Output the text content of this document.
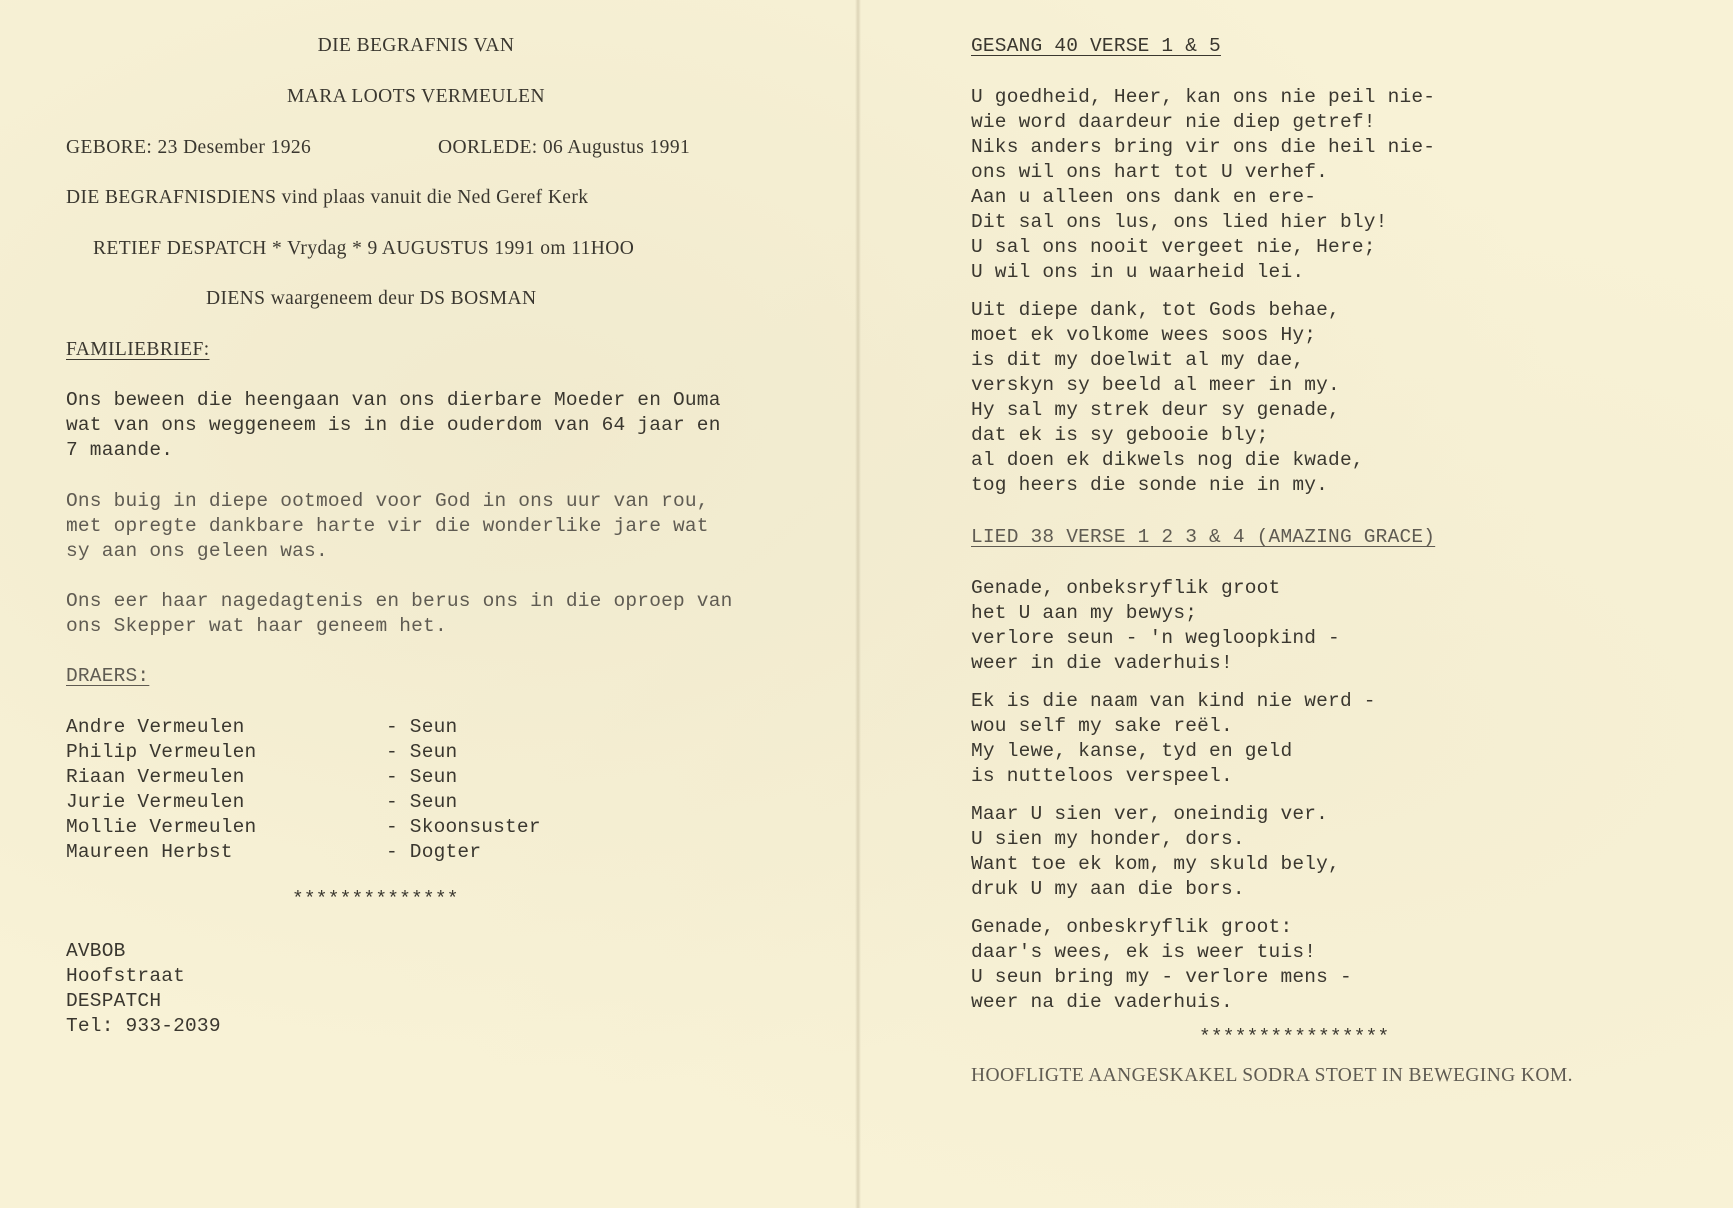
DIE BEGRAFNIS VAN
MARA LOOTS VERMEULEN
GEBORE: 23 Desember 1926	OORLEDE: 06 Augustus 1991
DIE BEGRAFNISDIENS vind plaas vanuit die Ned Geref Kerk
RETIEF DESPATCH * Vrydag * 9 AUGUSTUS 1991 om 11HOO
DIENS waargeneem deur DS BOSMAN
FAMILIEBRIEF:
Ons beween die heengaan van ons dierbare Moeder en Ouma
wat van ons weggeneem is in die ouderdom van 64 jaar en
7 maande.
Ons buig in diepe ootmoed voor God in ons uur van rou,
met opregte dankbare harte vir die wonderlike jare wat
sy aan ons geleen was.
Ons eer haar nagedagtenis en berus ons in die oproep van
ons Skepper wat haar geneem het.
DRAERS:
Andre Vermeulen	- Seun
Philip Vermeulen	- Seun
Riaan Vermeulen	- Seun
Jurie Vermeulen	- Seun
Mollie Vermeulen	- Skoonsuster
Maureen Herbst	- Dogter
**************
AVBOB
Hoofstraat
DESPATCH
Tel: 933-2039
GESANG 40 VERSE 1 & 5
U goedheid, Heer, kan ons nie peil nie-
wie word daardeur nie diep getref!
Niks anders bring vir ons die heil nie-
ons wil ons hart tot U verhef.
Aan u alleen ons dank en ere-
Dit sal ons lus, ons lied hier bly!
U sal ons nooit vergeet nie, Here;
U wil ons in u waarheid lei.
Uit diepe dank, tot Gods behae,
moet ek volkome wees soos Hy;
is dit my doelwit al my dae,
verskyn sy beeld al meer in my.
Hy sal my strek deur sy genade,
dat ek is sy gebooie bly;
al doen ek dikwels nog die kwade,
tog heers die sonde nie in my.
LIED 38 VERSE 1 2 3 & 4 (AMAZING GRACE)
Genade, onbeksryflik groot
het U aan my bewys;
verlore seun - 'n wegloopkind -
weer in die vaderhuis!
Ek is die naam van kind nie werd -
wou self my sake reël.
My lewe, kanse, tyd en geld
is nutteloos verspeel.
Maar U sien ver, oneindig ver.
U sien my honder, dors.
Want toe ek kom, my skuld bely,
druk U my aan die bors.
Genade, onbeskryflik groot:
daar's wees, ek is weer tuis!
U seun bring my - verlore mens -
weer na die vaderhuis.
****************
HOOFLIGTE AANGESKAKEL SODRA STOET IN BEWEGING KOM.
